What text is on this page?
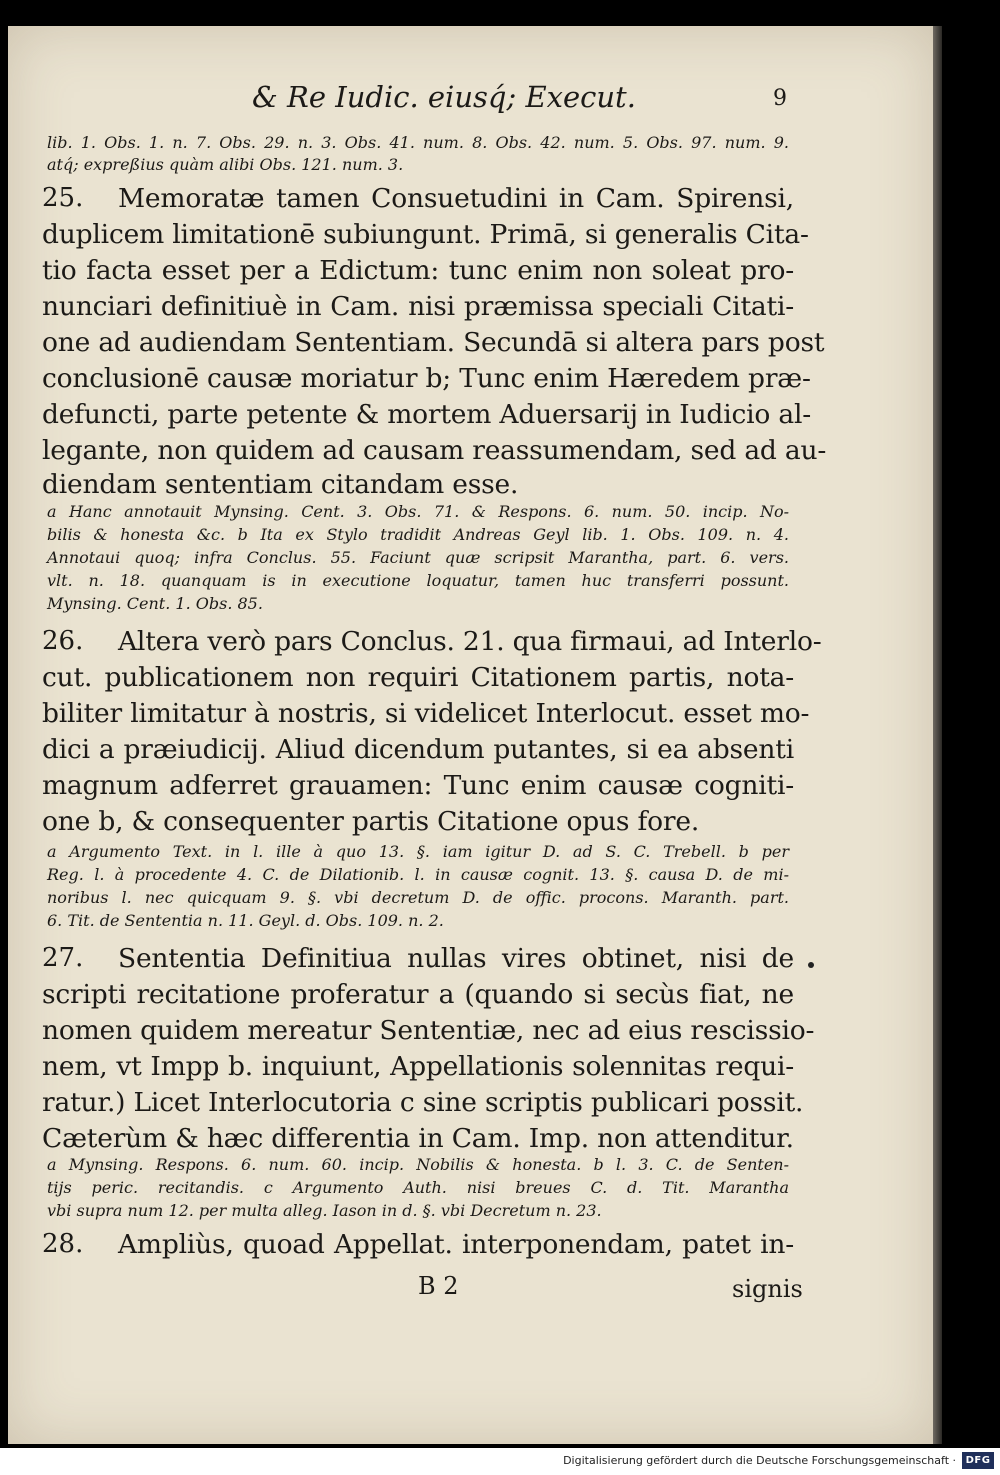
& Re Iudic. eiusq́; Execut.	9
lib. 1. Obs. 1. n. 7. Obs. 29. n. 3. Obs. 41. num. 8. Obs. 42. num. 5. Obs. 97. num. 9.
atq́; expreßius quàm alibi Obs. 121. num. 3.
25. Memoratæ tamen Consuetudini in Cam. Spirensi,
duplicem limitationē subiungunt. Primā, si generalis Cita-
tio facta esset per a Edictum: tunc enim non soleat pro-
nunciari definitiuè in Cam. nisi præmissa speciali Citati-
one ad audiendam Sententiam. Secundā si altera pars post
conclusionē causæ moriatur b; Tunc enim Hæredem præ-
defuncti, parte petente & mortem Aduersarij in Iudicio al-
legante, non quidem ad causam reassumendam, sed ad au-
diendam sententiam citandam esse.
a Hanc annotauit Mynsing. Cent. 3. Obs. 71. & Respons. 6. num. 50. incip. No-
bilis & honesta &c. b Ita ex Stylo tradidit Andreas Geyl lib. 1. Obs. 109. n. 4.
Annotaui quoq; infra Conclus. 55. Faciunt quæ scripsit Marantha, part. 6. vers.
vlt. n. 18. quanquam is in executione loquatur, tamen huc transferri possunt.
Mynsing. Cent. 1. Obs. 85.
26. Altera verò pars Conclus. 21. qua firmaui, ad Interlo-
cut. publicationem non requiri Citationem partis, nota-
biliter limitatur à nostris, si videlicet Interlocut. esset mo-
dici a præiudicij. Aliud dicendum putantes, si ea absenti
magnum adferret grauamen: Tunc enim causæ cogniti-
one b, & consequenter partis Citatione opus fore.
a Argumento Text. in l. ille à quo 13. §. iam igitur D. ad S. C. Trebell. b per
Reg. l. à procedente 4. C. de Dilationib. l. in causæ cognit. 13. §. causa D. de mi-
noribus l. nec quicquam 9. §. vbi decretum D. de offic. procons. Maranth. part.
6. Tit. de Sententia n. 11. Geyl. d. Obs. 109. n. 2.
27. Sententia Definitiua nullas vires obtinet, nisi de
scripti recitatione proferatur a (quando si secùs fiat, ne
nomen quidem mereatur Sententiæ, nec ad eius rescissio-
nem, vt Impp b. inquiunt, Appellationis solennitas requi-
ratur.) Licet Interlocutoria c sine scriptis publicari possit.
Cæterùm & hæc differentia in Cam. Imp. non attenditur.
a Mynsing. Respons. 6. num. 60. incip. Nobilis & honesta. b l. 3. C. de Senten-
tijs peric. recitandis. c Argumento Auth. nisi breues C. d. Tit. Marantha
vbi supra num 12. per multa alleg. Iason in d. §. vbi Decretum n. 23.
28. Ampliùs, quoad Appellat. interponendam, patet in-
B 2	signis
Digitalisierung gefördert durch die Deutsche Forschungsgemeinschaft · DFG
